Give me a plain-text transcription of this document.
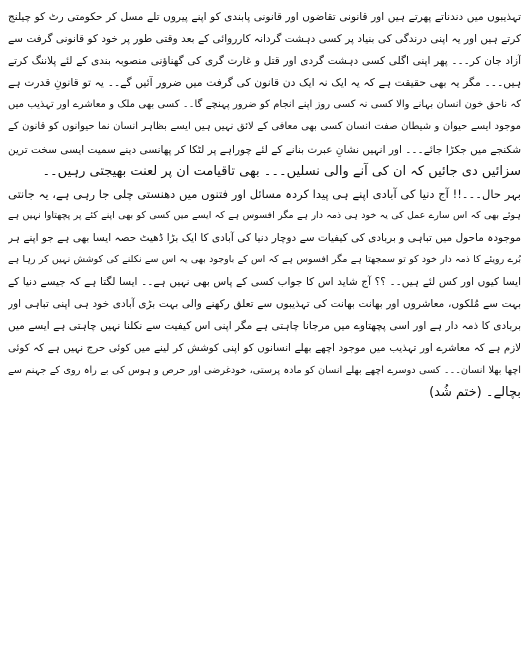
تہذیبوں میں دندناتے پھرتے ہیں اور قانونی تقاضوں اور قانونی پابندی کو اپنے پیروں تلے مسل کر حکومتی رٹ کو چیلنج
کرتے ہیں اور یہ اپنی درندگی کی بنیاد پر کسی دہشت گردانہ کارروائی کے بعد وقتی طور پر خود کو قانونی گرفت سے
آزاد جان کر۔۔۔ پھر اپنی اگلی کسی دہشت گردی اور قتل و غارت گری کی گھناؤنی منصوبہ بندی کے لئے پلاننگ کرتے
ہیں۔۔۔ مگر یہ بھی حقیقت ہے کہ یہ ایک نہ ایک دن قانون کی گرفت میں ضرور آئیں گے۔۔ یہ تو قانونِ قدرت ہے
کہ ناحق خون انسان بہانے والا کسی نہ کسی روز اپنے انجام کو ضرور پہنچے گا۔۔ کسی بھی ملک و معاشرے اور تہذیب میں
موجود ایسے حیوان و شیطان صفت انسان کسی بھی معافی کے لائق نہیں ہیں ایسے بظاہر انسان نما حیوانوں کو قانون کے
شکنجے میں جکڑا جائے۔۔۔ اور انہیں نشانِ عبرت بنانے کے لئے چوراہے پر لٹکا کر پھانسی دینے سمیت ایسی سخت ترین
سزائیں دی جائیں کہ ان کی آنے والی نسلیں۔۔۔ بھی تاقیامت ان پر لعنت بھیجتی رہیں۔۔
بہر حال۔۔۔!! آج دنیا کی آبادی اپنے ہی پیدا کردہ مسائل اور فتنوں میں دھنستی چلی جا رہی ہے، یہ جانتی
ہوئے بھی کہ اس سارے عمل کی یہ خود ہی ذمہ دار ہے مگر افسوس ہے کہ ایسے میں کسی کو بھی اپنے کئے پر پچھتاوا نہیں ہے
موجودہ ماحول میں تباہی و بربادی کی کیفیات سے دوچار دنیا کی آبادی کا ایک بڑا ڈھیٹ حصہ ایسا بھی ہے جو اپنے ہر
بُرے رویئے کا ذمہ دار خود کو تو سمجھتا ہے مگر افسوس ہے کہ اس کے باوجود بھی یہ اس سے نکلنے کی کوشش نہیں کر رہا ہے
ایسا کیوں اور کس لئے ہیں۔۔ ؟؟ آج شاید اس کا جواب کسی کے پاس بھی نہیں ہے۔۔ ایسا لگتا ہے کہ جیسے دنیا کے
بہت سے مُلکوں، معاشروں اور بھانت بھانت کی تہذیبوں سے تعلق رکھنے والی بہت بڑی آبادی خود ہی اپنی تباہی اور
بربادی کا ذمہ دار ہے اور اسی پچھتاوے میں مرجانا چاہتی ہے مگر اپنی اس کیفیت سے نکلنا نہیں چاہتی ہے ایسے میں
لازم ہے کہ معاشرے اور تہذیب میں موجود اچھے بھلے انسانوں کو اپنی کوشش کر لینے میں کوئی حرج نہیں ہے کہ کوئی
اچھا بھلا انسان۔۔۔ کسی دوسرے اچھے بھلے انسان کو مادہ پرستی، خودغرضی اور حرص و ہوس کی بے راہ روی کے جہنم سے
بچالے۔ (ختم شُد)
